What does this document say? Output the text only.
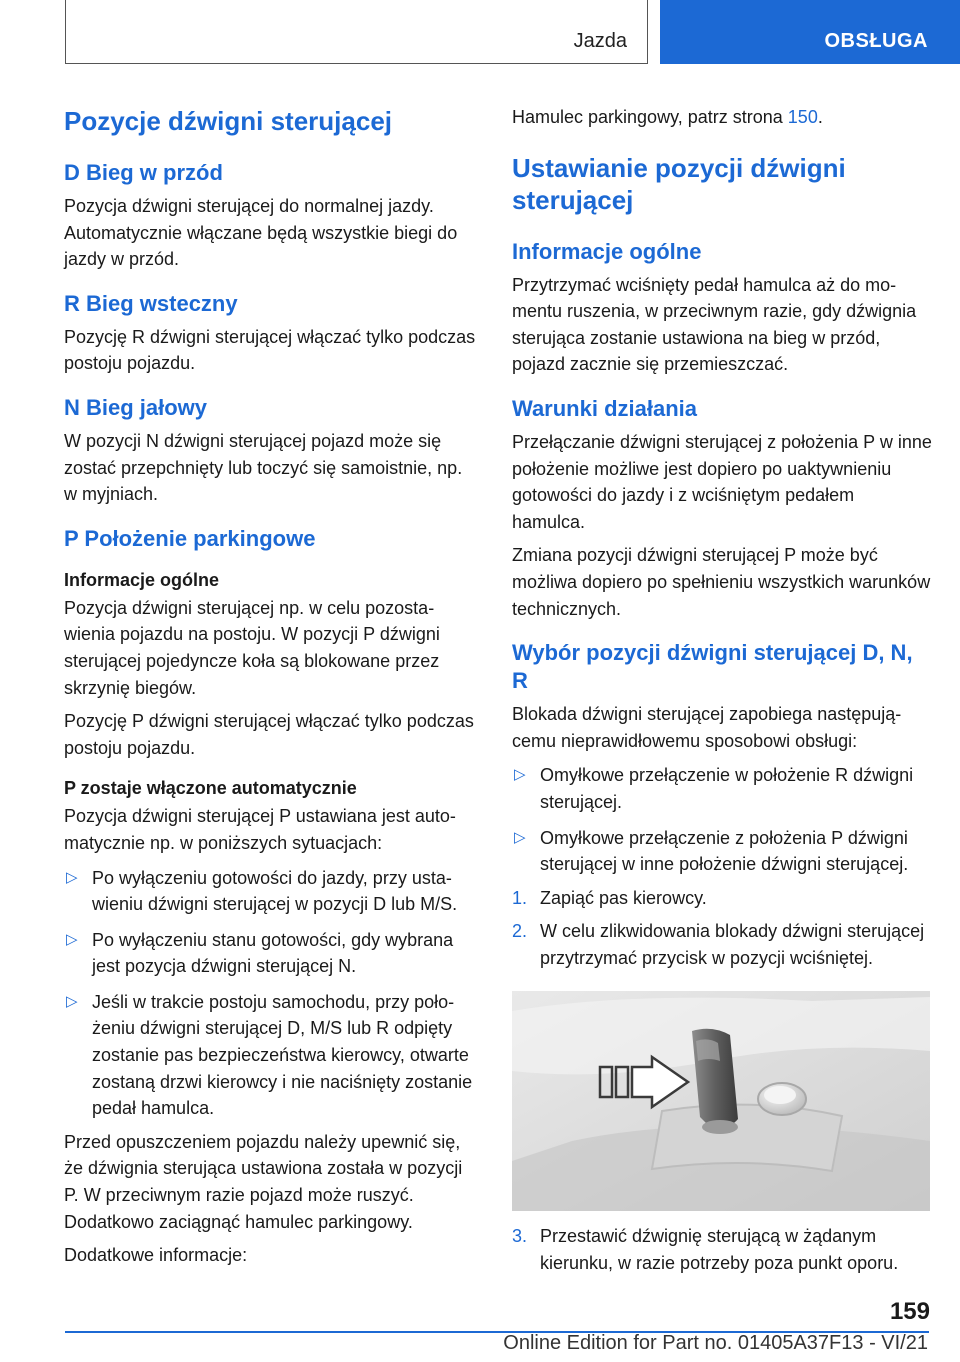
Jazda	OBSŁUGA
Pozycje dźwigni sterującej
D Bieg w przód

Pozycja dźwigni sterującej do normalnej jazdy. Automatycznie włączane będą wszystkie biegi do jazdy w przód.

R Bieg wsteczny

Pozycję R dźwigni sterującej włączać tylko podczas postoju pojazdu.

N Bieg jałowy

W pozycji N dźwigni sterującej pojazd może się zostać przepchnięty lub toczyć się samoistnie, np. w myjniach.

P Położenie parkingowe
Informacje ogólne

Pozycja dźwigni sterującej np. w celu pozostawienia pojazdu na postoju. W pozycji P dźwigni sterującej pojedyncze koła są blokowane przez skrzynię biegów.

Pozycję P dźwigni sterującej włączać tylko podczas postoju pojazdu.

P zostaje włączone automatycznie

Pozycja dźwigni sterującej P ustawiana jest automatycznie np. w poniższych sytuacjach:

▷ Po wyłączeniu gotowości do jazdy, przy ustawieniu dźwigni sterującej w pozycji D lub M/S.
▷ Po wyłączeniu stanu gotowości, gdy wybrana jest pozycja dźwigni sterującej N.
▷ Jeśli w trakcie postoju samochodu, przy położeniu dźwigni sterującej D, M/S lub R odpięty zostanie pas bezpieczeństwa kierowcy, otwarte zostaną drzwi kierowcy i nie naciśnięty zostanie pedał hamulca.

Przed opuszczeniem pojazdu należy upewnić się, że dźwignia sterująca ustawiona została w pozycji P. W przeciwnym razie pojazd może ruszyć. Dodatkowo zaciągnąć hamulec parkingowy.

Dodatkowe informacje:

Hamulec parkingowy, patrz strona 150.

Ustawianie pozycji dźwigni sterującej
Informacje ogólne

Przytrzymać wciśnięty pedał hamulca aż do momentu ruszenia, w przeciwnym razie, gdy dźwignia sterująca zostanie ustawiona na bieg w przód, pojazd zacznie się przemieszczać.

Warunki działania

Przełączanie dźwigni sterującej z położenia P w inne położenie możliwe jest dopiero po uaktywnieniu gotowości do jazdy i z wciśniętym pedałem hamulca.

Zmiana pozycji dźwigni sterującej P może być możliwa dopiero po spełnieniu wszystkich warunków technicznych.

Wybór pozycji dźwigni sterującej D, N, R

Blokada dźwigni sterującej zapobiega następującemu nieprawidłowemu sposobowi obsługi:

▷ Omyłkowe przełączenie w położenie R dźwigni sterującej.
▷ Omyłkowe przełączenie z położenia P dźwigni sterującej w inne położenie dźwigni sterującej.
1. Zapiąć pas kierowcy.
2. W celu zlikwidowania blokady dźwigni sterującej przytrzymać przycisk w pozycji wciśniętej.
3. Przestawić dźwignię sterującą w żądanym kierunku, w razie potrzeby poza punkt oporu.
159
Online Edition for Part no. 01405A37F13 - VI/21
